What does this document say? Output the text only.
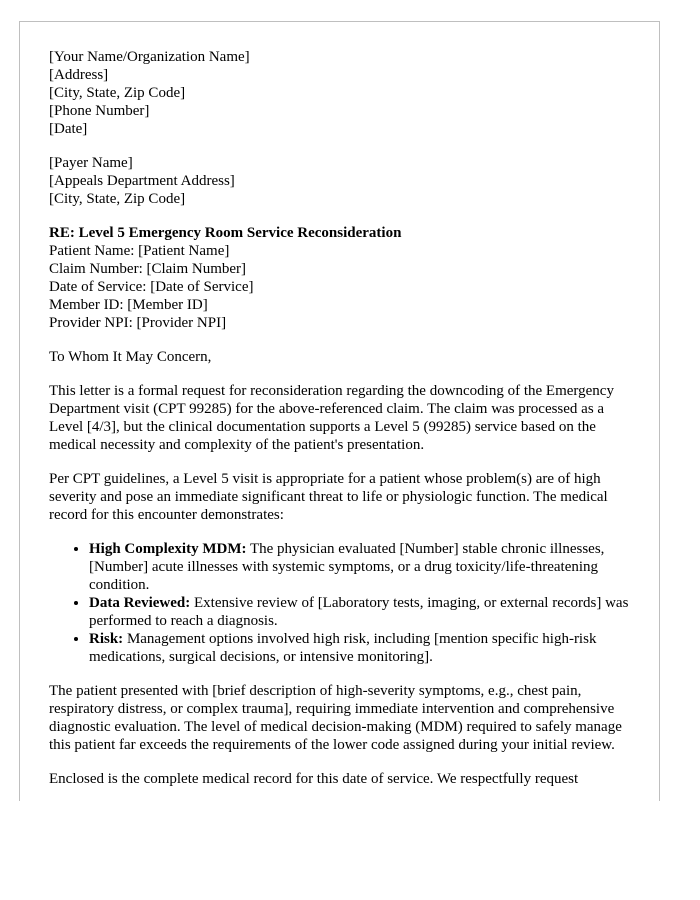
[Your Name/Organization Name]
[Address]
[City, State, Zip Code]
[Phone Number]
[Date]
[Payer Name]
[Appeals Department Address]
[City, State, Zip Code]
RE: Level 5 Emergency Room Service Reconsideration
Patient Name: [Patient Name]
Claim Number: [Claim Number]
Date of Service: [Date of Service]
Member ID: [Member ID]
Provider NPI: [Provider NPI]

To Whom It May Concern,

This letter is a formal request for reconsideration regarding the downcoding of the Emergency Department visit (CPT 99285) for the above-referenced claim. The claim was processed as a Level [4/3], but the clinical documentation supports a Level 5 (99285) service based on the medical necessity and complexity of the patient's presentation.

Per CPT guidelines, a Level 5 visit is appropriate for a patient whose problem(s) are of high severity and pose an immediate significant threat to life or physiologic function. The medical record for this encounter demonstrates:

• High Complexity MDM: The physician evaluated [Number] stable chronic illnesses, [Number] acute illnesses with systemic symptoms, or a drug toxicity/life-threatening condition.
• Data Reviewed: Extensive review of [Laboratory tests, imaging, or external records] was performed to reach a diagnosis.
• Risk: Management options involved high risk, including [mention specific high-risk medications, surgical decisions, or intensive monitoring].

The patient presented with [brief description of high-severity symptoms, e.g., chest pain, respiratory distress, or complex trauma], requiring immediate intervention and comprehensive diagnostic evaluation. The level of medical decision-making (MDM) required to safely manage this patient far exceeds the requirements of the lower code assigned during your initial review.

Enclosed is the complete medical record for this date of service. We respectfully request
